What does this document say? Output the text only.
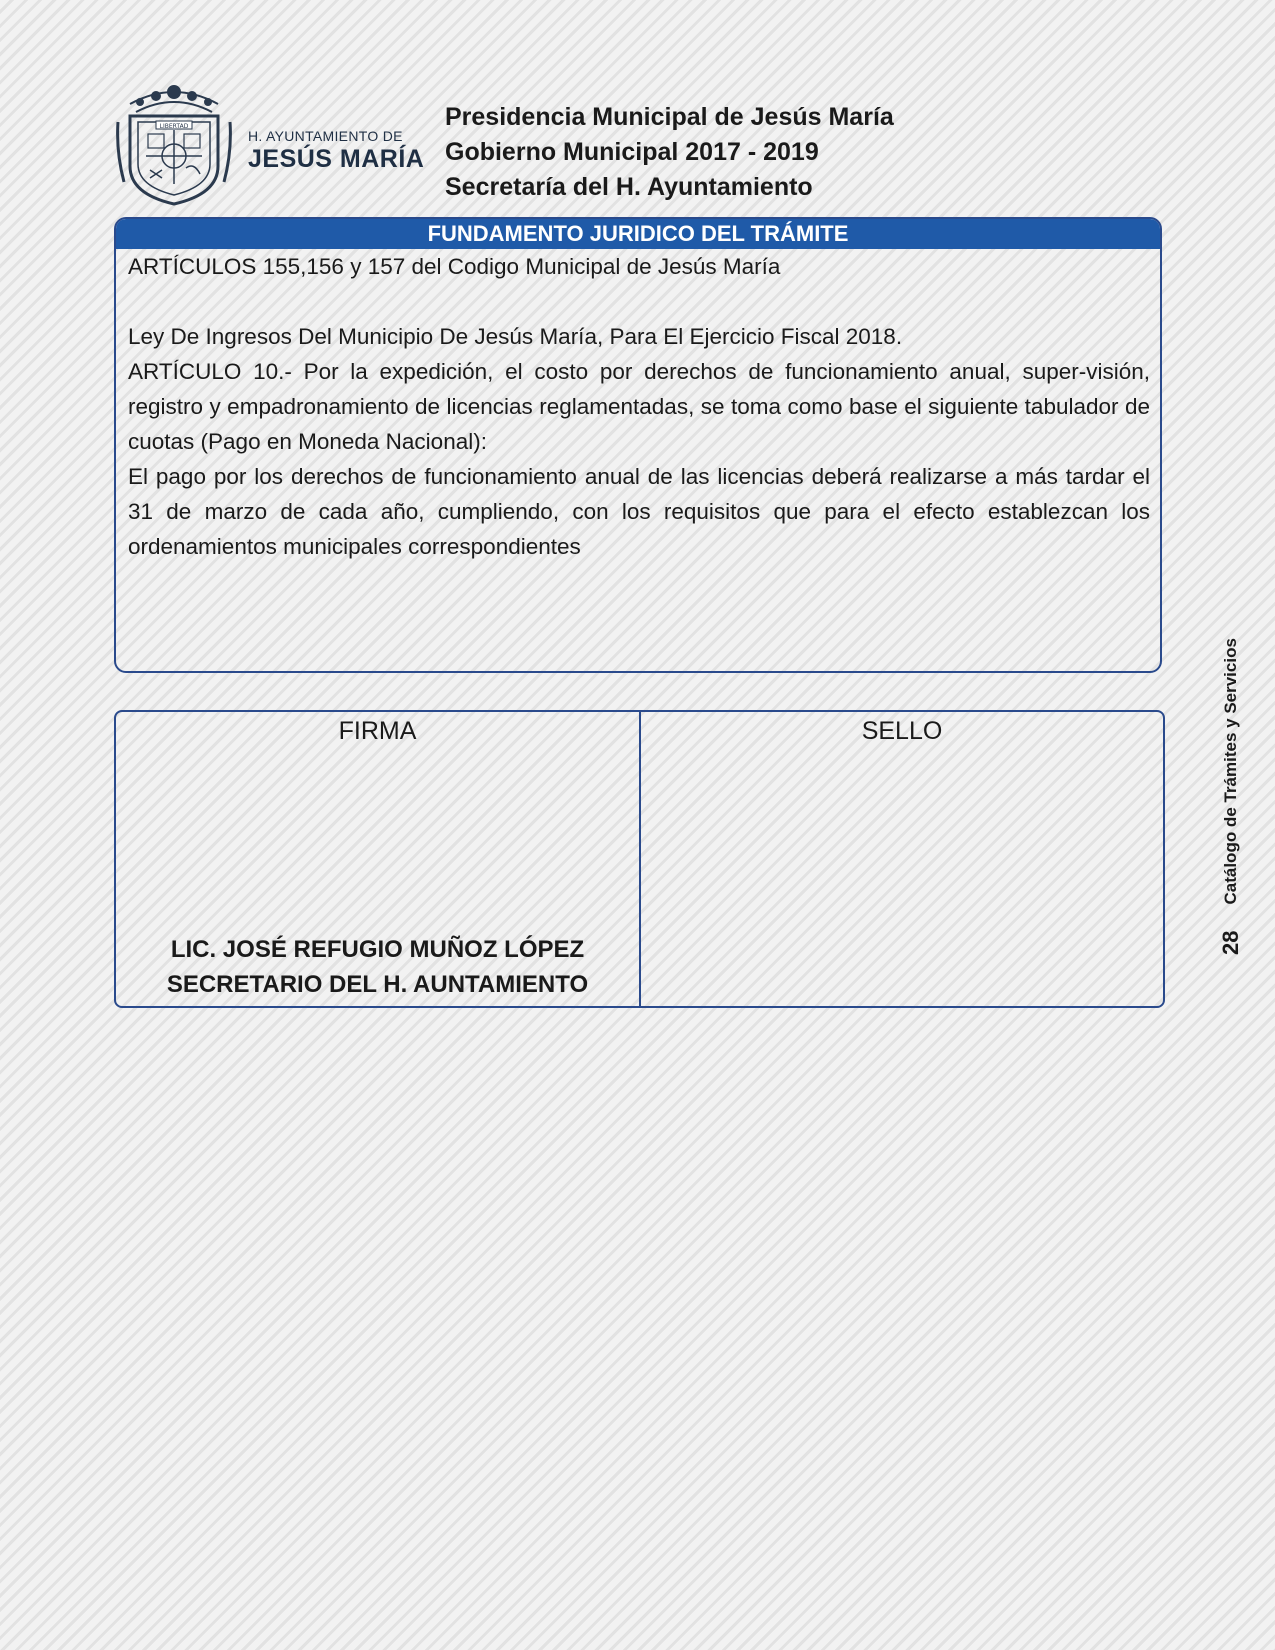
LIBERTAD
H. AYUNTAMIENTO DE
JESÚS MARÍA
Presidencia Municipal de Jesús María
Gobierno Municipal 2017 - 2019
Secretaría del H. Ayuntamiento
FUNDAMENTO JURIDICO DEL TRÁMITE

ARTÍCULOS 155,156 y 157 del Codigo Municipal de Jesús María

Ley De Ingresos Del Municipio De Jesús María, Para El Ejercicio Fiscal 2018.

ARTÍCULO 10.- Por la expedición, el costo por derechos de funcionamiento anual, super-visión, registro y empadronamiento de licencias reglamentadas, se toma como base el siguiente tabulador de cuotas (Pago en Moneda Nacional):

El pago por los derechos de funcionamiento anual de las licencias deberá realizarse a más tardar el 31 de marzo de cada año, cumpliendo, con los requisitos que para el efecto establezcan los ordenamientos municipales correspondientes

FIRMA
LIC. JOSÉ REFUGIO MUÑOZ LÓPEZ
SECRETARIO DEL H. AUNTAMIENTO
SELLO
28
Catálogo de Trámites y Servicios
